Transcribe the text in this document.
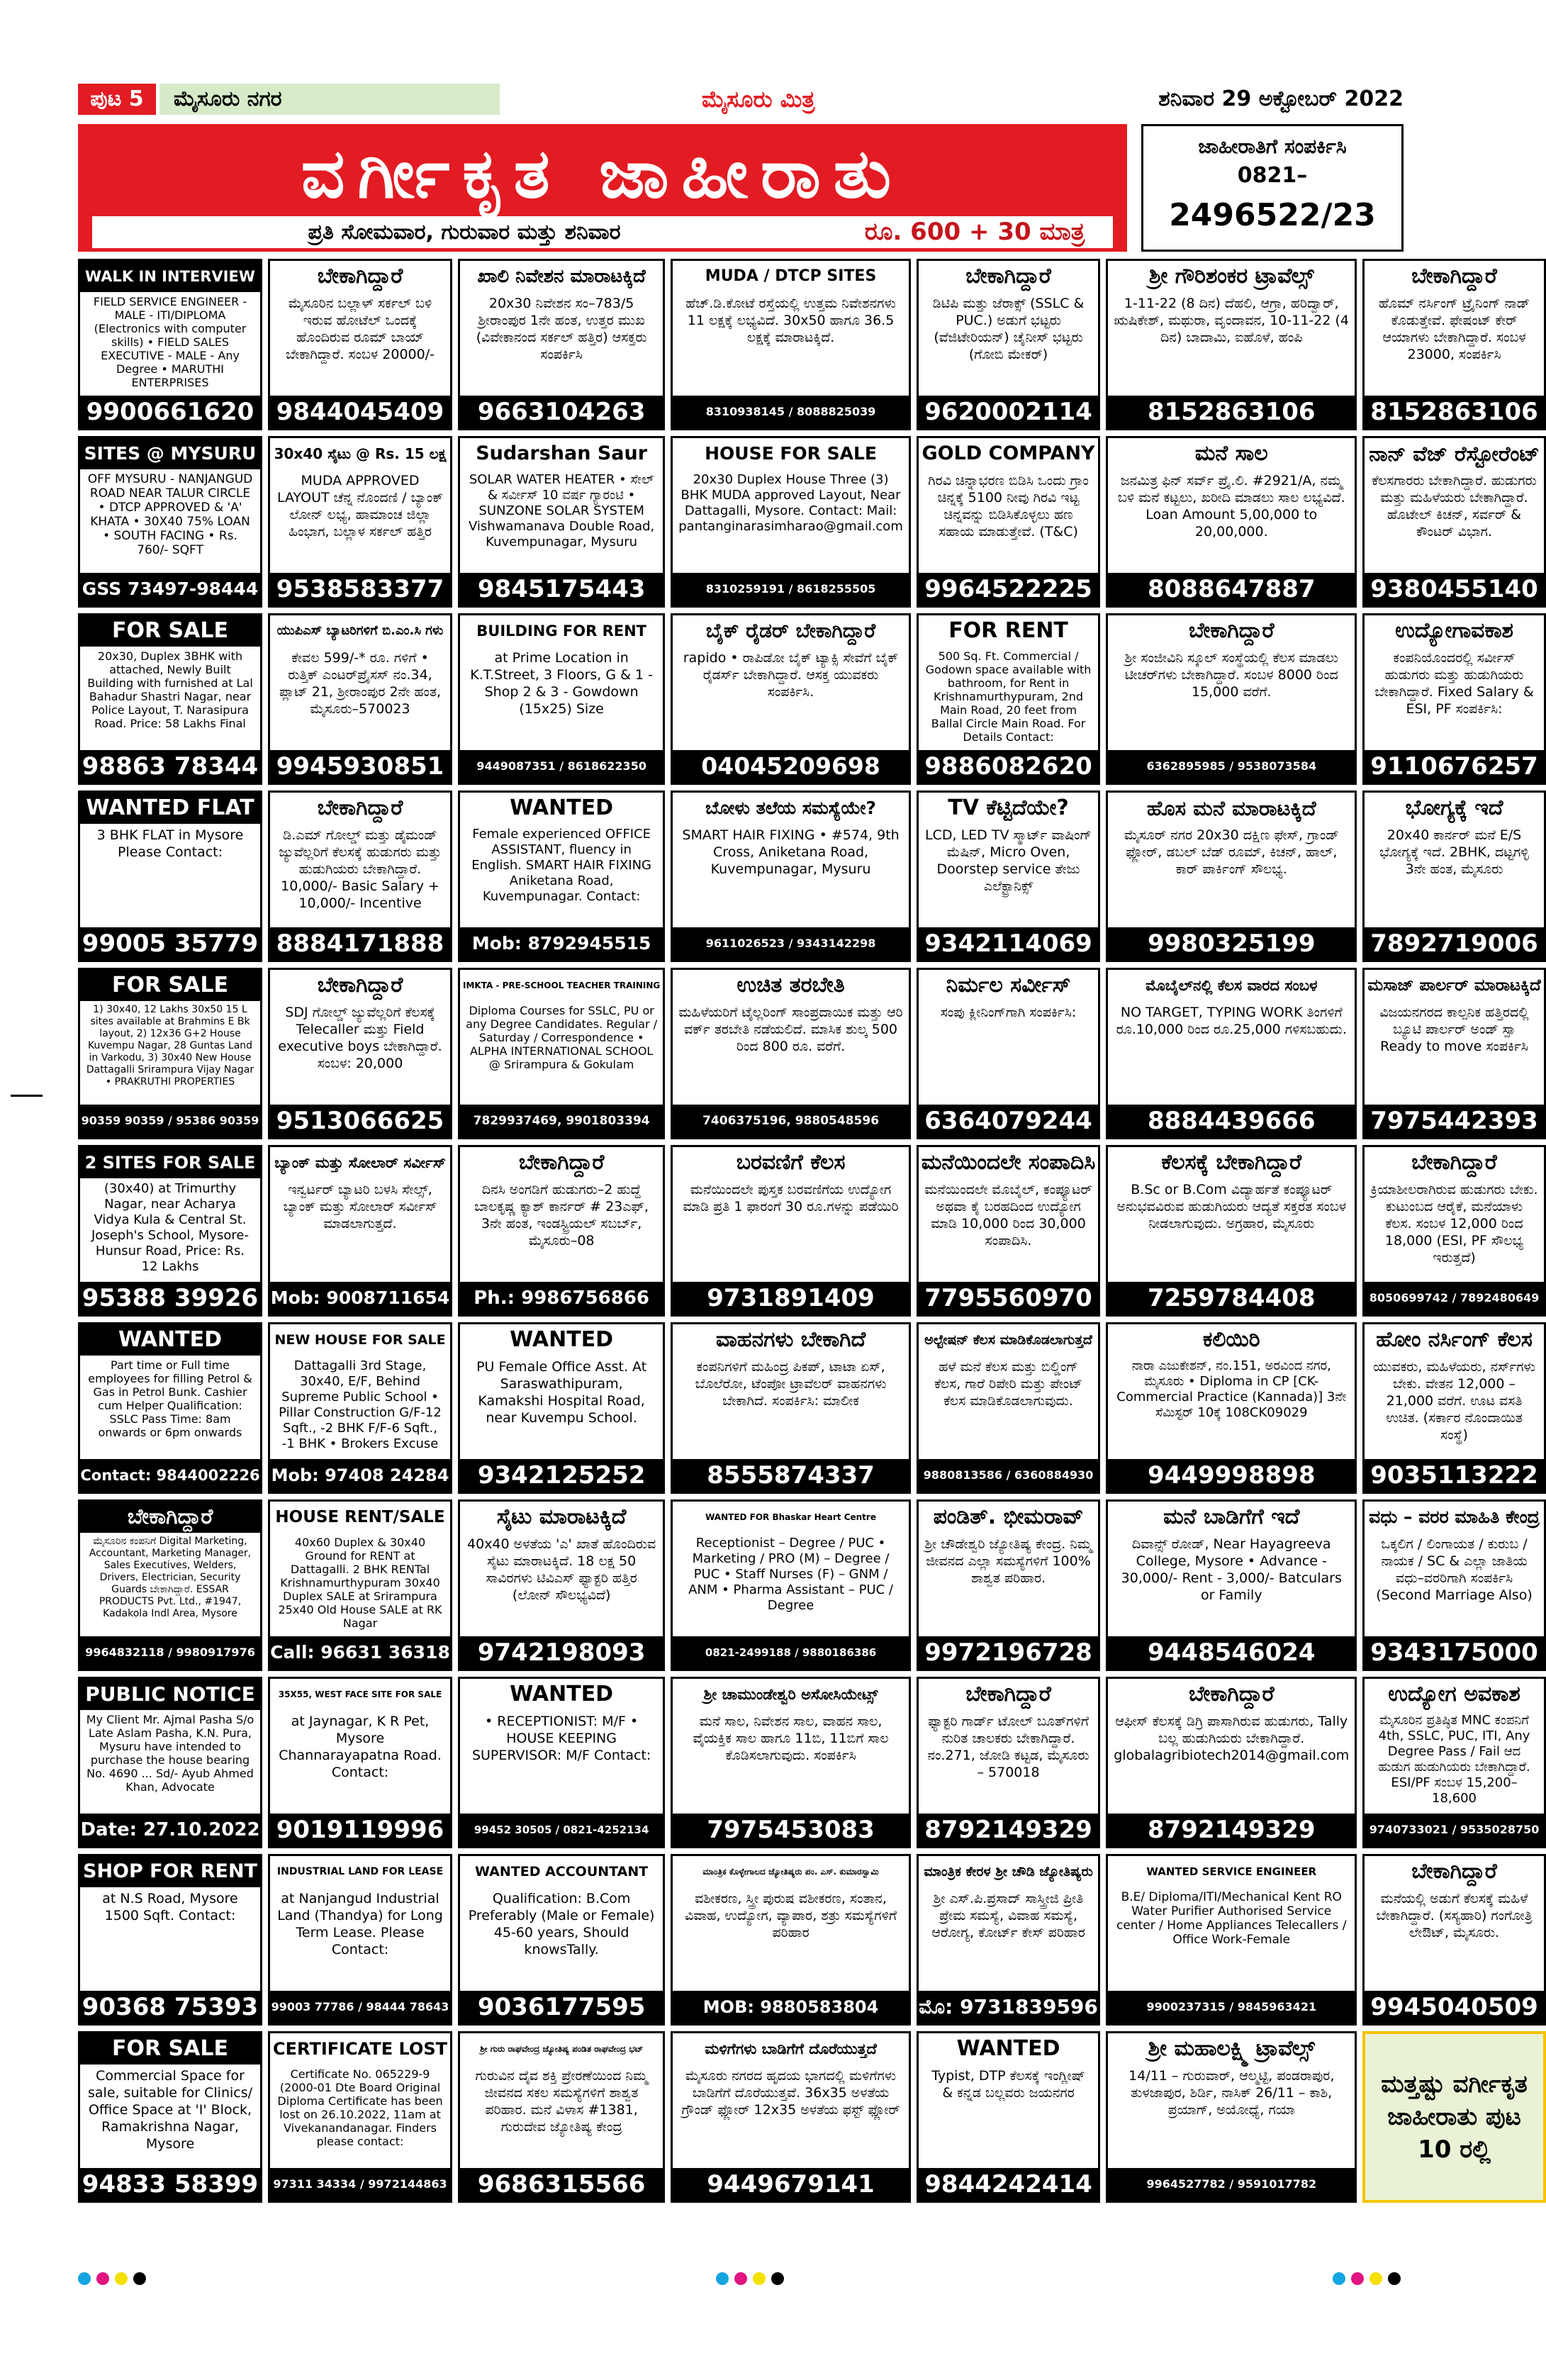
ಪುಟ 5	ಮೈಸೂರು ನಗರ	ಮೈಸೂರು ಮಿತ್ರ	ಶನಿವಾರ 29 ಅಕ್ಟೋಬರ್ 2022
ವರ್ಗೀಕೃತ ಜಾಹೀರಾತು
ಪ್ರತಿ ಸೋಮವಾರ, ಗುರುವಾರ ಮತ್ತು ಶನಿವಾರ	ರೂ. 600 + 30 ಮಾತ್ರ
ಜಾಹೀರಾತಿಗೆ ಸಂಪರ್ಕಿಸಿ
0821–
2496522/23
WALK IN INTERVIEW
FIELD SERVICE ENGINEER - MALE - ITI/DIPLOMA (Electronics with computer skills) • FIELD SALES EXECUTIVE - MALE - Any Degree • MARUTHI ENTERPRISES
9900661620
ಬೇಕಾಗಿದ್ದಾರೆ
ಮೈಸೂರಿನ ಬಲ್ಲಾಳ್ ಸರ್ಕಲ್ ಬಳಿ ಇರುವ ಹೋಟೆಲ್ ಒಂದಕ್ಕೆ ಹೊಂದಿರುವ ರೂಮ್ ಬಾಯ್ ಬೇಕಾಗಿದ್ದಾರೆ. ಸಂಬಳ 20000/-
9844045409
ಖಾಲಿ ನಿವೇಶನ ಮಾರಾಟಕ್ಕಿದೆ
20x30 ನಿವೇಶನ ಸಂ–783/5 ಶ್ರೀರಾಂಪುರ 1ನೇ ಹಂತ, ಉತ್ತರ ಮುಖ (ವಿವೇಕಾನಂದ ಸರ್ಕಲ್ ಹತ್ತಿರ) ಆಸಕ್ತರು ಸಂಪರ್ಕಿಸಿ
9663104263
MUDA / DTCP SITES
ಹೆಚ್.ಡಿ.ಕೋಟೆ ರಸ್ತೆಯಲ್ಲಿ ಉತ್ತಮ ನಿವೇಶನಗಳು 11 ಲಕ್ಷಕ್ಕೆ ಲಭ್ಯವಿದೆ. 30x50 ಹಾಗೂ 36.5 ಲಕ್ಷಕ್ಕೆ ಮಾರಾಟಕ್ಕಿದೆ.
8310938145 / 8088825039
ಬೇಕಾಗಿದ್ದಾರೆ
ಡಿಟಿಪಿ ಮತ್ತು ಜೆರಾಕ್ಸ್ (SSLC & PUC.) ಅಡುಗೆ ಭಟ್ಟರು (ವೆಜಿಟೇರಿಯನ್) ಚೈನೀಸ್ ಭಟ್ಟರು (ಗೋಬಿ ಮೇಕರ್)
9620002114
ಶ್ರೀ ಗೌರಿಶಂಕರ ಟ್ರಾವೆಲ್ಸ್
1-11-22 (8 ದಿನ) ದೆಹಲಿ, ಆಗ್ರಾ, ಹರಿದ್ವಾರ್, ಋಷಿಕೇಶ್, ಮಥುರಾ, ವೃಂದಾವನ, 10-11-22 (4 ದಿನ) ಬಾದಾಮಿ, ಐಹೊಳೆ, ಹಂಪಿ
8152863106
ಬೇಕಾಗಿದ್ದಾರೆ
ಹೊಮ್ ನರ್ಸಿಂಗ್ ಟ್ರೈನಿಂಗ್ ನಾಡ್ ಕೊಡುತ್ತೇವೆ. ಫೇಷಂಟ್ ಕೇರ್ ಆಯಾಗಳು ಬೇಕಾಗಿದ್ದಾರೆ. ಸಂಬಳ 23000, ಸಂಪರ್ಕಿಸಿ
8152863106
SITES @ MYSURU
OFF MYSURU - NANJANGUD ROAD NEAR TALUR CIRCLE • DTCP APPROVED & 'A' KHATA • 30X40 75% LOAN • SOUTH FACING • Rs. 760/- SQFT
GSS 73497-98444
30x40 ಸೈಟು @ Rs. 15 ಲಕ್ಷ
MUDA APPROVED LAYOUT ಚೆನ್ನ ನೊಂದಣಿ / ಬ್ಯಾಂಕ್ ಲೋನ್ ಲಭ್ಯ, ಹಾಮಾಂಚ ಜಿಲ್ಲಾ ಹಿಂಭಾಗ, ಬಲ್ಲಾಳ ಸರ್ಕಲ್ ಹತ್ತಿರ
9538583377
Sudarshan Saur
SOLAR WATER HEATER • ಸೇಲ್ & ಸರ್ವೀಸ್ 10 ವರ್ಷ ಗ್ಯಾರಂಟಿ • SUNZONE SOLAR SYSTEM Vishwamanava Double Road, Kuvempunagar, Mysuru
9845175443
HOUSE FOR SALE
20x30 Duplex House Three (3) BHK MUDA approved Layout, Near Dattagalli, Mysore. Contact: Mail: pantanginarasimharao@gmail.com
8310259191 / 8618255505
GOLD COMPANY
ಗಿರವಿ ಚಿನ್ನಾಭರಣ ಬಿಡಿಸಿ ಒಂದು ಗ್ರಾಂ ಚಿನ್ನಕ್ಕೆ 5100 ನೀವು ಗಿರವಿ ಇಟ್ಟ ಚಿನ್ನವನ್ನು ಬಿಡಿಸಿಕೊಳ್ಳಲು ಹಣ ಸಹಾಯ ಮಾಡುತ್ತೇವೆ. (T&C)
9964522225
ಮನೆ ಸಾಲ
ಜನಮಿತ್ರ ಫಿನ್ ಸರ್ವ್ ಪ್ರೈ.ಲಿ. #2921/A, ನಮ್ಮ ಬಳಿ ಮನೆ ಕಟ್ಟಲು, ಖರೀದಿ ಮಾಡಲು ಸಾಲ ಲಭ್ಯವಿದೆ. Loan Amount 5,00,000 to 20,00,000.
8088647887
ನಾನ್ ವೆಜ್ ರೆಸ್ಟೋರೆಂಟ್
ಕೆಲಸಗಾರರು ಬೇಕಾಗಿದ್ದಾರೆ. ಹುಡುಗರು ಮತ್ತು ಮಹಿಳೆಯರು ಬೇಕಾಗಿದ್ದಾರೆ. ಹೊಟೇಲ್ ಕಿಚನ್, ಸರ್ವರ್ & ಕೌಂಟರ್ ವಿಭಾಗ.
9380455140
FOR SALE
20x30, Duplex 3BHK with attached, Newly Built Building with furnished at Lal Bahadur Shastri Nagar, near Police Layout, T. Narasipura Road. Price: 58 Lakhs Final
98863 78344
ಯುಪಿಎಸ್ ಬ್ಯಾಟರಿಗಳಿಗೆ ಬಿ.ಎಂ.ಸಿ ಗಳು
ಕೇವಲ 599/-* ರೂ. ಗಳಿಗೆ • ರುತ್ತಿಕ್ ಎಂಟರ್‌ಪ್ರೈಸಸ್ ನಂ.34, ಪ್ಲಾಟ್ 21, ಶ್ರೀರಾಂಪುರ 2ನೇ ಹಂತ, ಮೈಸೂರು–570023
9945930851
BUILDING FOR RENT
at Prime Location in K.T.Street, 3 Floors, G & 1 - Shop 2 & 3 - Gowdown (15x25) Size
9449087351 / 8618622350
ಬೈಕ್ ರೈಡರ್ ಬೇಕಾಗಿದ್ದಾರೆ
rapido • ರಾಪಿಡೋ ಬೈಕ್ ಟ್ಯಾಕ್ಸಿ ಸೇವೆಗೆ ಬೈಕ್ ರೈಡರ್ಸ್ ಬೇಕಾಗಿದ್ದಾರೆ. ಆಸಕ್ತ ಯುವಕರು ಸಂಪರ್ಕಿಸಿ.
04045209698
FOR RENT
500 Sq. Ft. Commercial / Godown space available with bathroom, for Rent in Krishnamurthypuram, 2nd Main Road, 20 feet from Ballal Circle Main Road. For Details Contact:
9886082620
ಬೇಕಾಗಿದ್ದಾರೆ
ಶ್ರೀ ಸಂಜೀವಿನಿ ಸ್ಕೂಲ್ ಸಂಸ್ಥೆಯಲ್ಲಿ ಕೆಲಸ ಮಾಡಲು ಟೀಚರ್‌ಗಳು ಬೇಕಾಗಿದ್ದಾರೆ. ಸಂಬಳ 8000 ರಿಂದ 15,000 ವರೆಗೆ.
6362895985 / 9538073584
ಉದ್ಯೋಗಾವಕಾಶ
ಕಂಪನಿಯೊಂದರಲ್ಲಿ ಸರ್ವೀಸ್ ಹುಡುಗರು ಮತ್ತು ಹುಡುಗಿಯರು ಬೇಕಾಗಿದ್ದಾರೆ. Fixed Salary & ESI, PF ಸಂಪರ್ಕಿಸಿ:
9110676257
WANTED FLAT
3 BHK FLAT in Mysore Please Contact:
99005 35779
ಬೇಕಾಗಿದ್ದಾರೆ
ಡಿ.ಎಮ್ ಗೋಲ್ಡ್ ಮತ್ತು ಡೈಮಂಡ್ ಜ್ಯುವೆಲ್ಲರಿಗೆ ಕೆಲಸಕ್ಕೆ ಹುಡುಗರು ಮತ್ತು ಹುಡುಗಿಯರು ಬೇಕಾಗಿದ್ದಾರೆ. 10,000/- Basic Salary + 10,000/- Incentive
8884171888
WANTED
Female experienced OFFICE ASSISTANT, fluency in English. SMART HAIR FIXING Aniketana Road, Kuvempunagar. Contact:
Mob: 8792945515
ಬೋಳು ತಲೆಯ ಸಮಸ್ಯೆಯೇ?
SMART HAIR FIXING • #574, 9th Cross, Aniketana Road, Kuvempunagar, Mysuru
9611026523 / 9343142298
TV ಕೆಟ್ಟಿದೆಯೇ?
LCD, LED TV ಸ್ಮಾರ್ಟ್ ವಾಷಿಂಗ್ ಮೆಷಿನ್, Micro Oven, Doorstep service ತೇಜು ಎಲೆಕ್ಟ್ರಾನಿಕ್ಸ್
9342114069
ಹೊಸ ಮನೆ ಮಾರಾಟಕ್ಕಿದೆ
ಮೈಸೂರ್ ನಗರ 20x30 ದಕ್ಷಿಣ ಫೇಸ್, ಗ್ರಾಂಡ್ ಫ್ಲೋರ್, ಡಬಲ್ ಬೆಡ್ ರೂಮ್, ಕಿಚನ್, ಹಾಲ್, ಕಾರ್ ಪಾರ್ಕಿಂಗ್ ಸೌಲಭ್ಯ.
9980325199
ಭೋಗ್ಯಕ್ಕೆ ಇದೆ
20x40 ಕಾರ್ನರ್ ಮನೆ E/S ಭೋಗ್ಯಕ್ಕೆ ಇದೆ. 2BHK, ದಟ್ಟಗಳ್ಳಿ 3ನೇ ಹಂತ, ಮೈಸೂರು
7892719006
FOR SALE
1) 30x40, 12 Lakhs 30x50 15 L sites available at Brahmins E Bk layout, 2) 12x36 G+2 House Kuvempu Nagar, 28 Guntas Land in Varkodu, 3) 30x40 New House Dattagalli Srirampura Vijay Nagar • PRAKRUTHI PROPERTIES
90359 90359 / 95386 90359
ಬೇಕಾಗಿದ್ದಾರೆ
SDJ ಗೋಲ್ಡ್ ಜ್ಯುವೆಲ್ಲರಿಗೆ ಕೆಲಸಕ್ಕೆ Telecaller ಮತ್ತು Field executive boys ಬೇಕಾಗಿದ್ದಾರೆ. ಸಂಬಳ: 20,000
9513066625
IMKTA - PRE-SCHOOL TEACHER TRAINING
Diploma Courses for SSLC, PU or any Degree Candidates. Regular / Saturday / Correspondence • ALPHA INTERNATIONAL SCHOOL @ Srirampura & Gokulam
7829937469, 9901803394
ಉಚಿತ ತರಬೇತಿ
ಮಹಿಳೆಯರಿಗೆ ಟೈಲ್ಲರಿಂಗ್ ಸಾಂಪ್ರದಾಯಿಕ ಮತ್ತು ಆರಿ ವರ್ಕ್ ತರಬೇತಿ ನಡೆಯಲಿದೆ. ಮಾಸಿಕ ಶುಲ್ಕ 500 ರಿಂದ 800 ರೂ. ವರೆಗೆ.
7406375196, 9880548596
ನಿರ್ಮಲ ಸರ್ವೀಸ್
ಸಂಪು ಕ್ಲೀನಿಂಗ್‌ಗಾಗಿ ಸಂಪರ್ಕಿಸಿ:
6364079244
ಮೊಬೈಲ್‌ನಲ್ಲಿ ಕೆಲಸ ವಾರದ ಸಂಬಳ
NO TARGET, TYPING WORK ತಿಂಗಳಿಗೆ ರೂ.10,000 ರಿಂದ ರೂ.25,000 ಗಳಿಸಬಹುದು.
8884439666
ಮಸಾಜ್ ಪಾರ್ಲರ್ ಮಾರಾಟಕ್ಕಿದೆ
ವಿಜಯನಗರದ ಕಾಲ್ಪನಿಕ ಹತ್ತಿರದಲ್ಲಿ ಬ್ಯೂಟಿ ಪಾರ್ಲರ್ ಅಂಡ್ ಸ್ಪಾ Ready to move ಸಂಪರ್ಕಿಸಿ
7975442393
2 SITES FOR SALE
(30x40) at Trimurthy Nagar, near Acharya Vidya Kula & Central St. Joseph's School, Mysore-Hunsur Road, Price: Rs. 12 Lakhs
95388 39926
ಬ್ಯಾಂಕ್ ಮತ್ತು ಸೋಲಾರ್ ಸರ್ವೀಸ್
ಇನ್ವರ್ಟರ್ ಬ್ಯಾಟರಿ ಬಳಸಿ ಸೇಲ್ಸ್, ಬ್ಯಾಂಕ್ ಮತ್ತು ಸೋಲಾರ್ ಸರ್ವೀಸ್ ಮಾಡಲಾಗುತ್ತದೆ.
Mob: 9008711654
ಬೇಕಾಗಿದ್ದಾರೆ
ದಿನಸಿ ಅಂಗಡಿಗೆ ಹುಡುಗರು–2 ಹುದ್ದೆ ಬಾಲಕೃಷ್ಣ ಕ್ಯಾಶ್ ಕಾರ್ನರ್ # 23ಎಫ್, 3ನೇ ಹಂತ, ಇಂಡಸ್ಟ್ರಿಯಲ್ ಸಬರ್ಬ್, ಮೈಸೂರು–08
Ph.: 9986756866
ಬರವಣಿಗೆ ಕೆಲಸ
ಮನೆಯಿಂದಲೇ ಪುಸ್ತಕ ಬರವಣಿಗೆಯ ಉದ್ಯೋಗ ಮಾಡಿ ಪ್ರತಿ 1 ಫಾರಂಗೆ 30 ರೂ.ಗಳನ್ನು ಪಡೆಯಿರಿ
9731891409
ಮನೆಯಿಂದಲೇ ಸಂಪಾದಿಸಿ
ಮನೆಯಿಂದಲೇ ಮೊಬೈಲ್, ಕಂಪ್ಯೂಟರ್ ಅಥವಾ ಕೈ ಬರಹದಿಂದ ಉದ್ಯೋಗ ಮಾಡಿ 10,000 ರಿಂದ 30,000 ಸಂಪಾದಿಸಿ.
7795560970
ಕೆಲಸಕ್ಕೆ ಬೇಕಾಗಿದ್ದಾರೆ
B.Sc or B.Com ವಿದ್ಯಾರ್ಹತೆ ಕಂಪ್ಯೂಟರ್ ಅನುಭವವಿರುವ ಹುಡುಗಿಯರು ಆದ್ಯತೆ ಸಕ್ತರತ ಸಂಬಳ ನೀಡಲಾಗುವುದು. ಅಗ್ರಹಾರ, ಮೈಸೂರು
7259784408
ಬೇಕಾಗಿದ್ದಾರೆ
ಕ್ರಿಯಾಶೀಲರಾಗಿರುವ ಹುಡುಗರು ಬೇಕು. ಕುಟುಂಬದ ಆರೈಕೆ, ಮನೆಯಾಳು ಕೆಲಸ. ಸಂಬಳ 12,000 ರಿಂದ 18,000 (ESI, PF ಸೌಲಭ್ಯ ಇರುತ್ತದೆ)
8050699742 / 7892480649
WANTED
Part time or Full time employees for filling Petrol & Gas in Petrol Bunk. Cashier cum Helper Qualification: SSLC Pass Time: 8am onwards or 6pm onwards
Contact: 9844002226
NEW HOUSE FOR SALE
Dattagalli 3rd Stage, 30x40, E/F, Behind Supreme Public School • Pillar Construction G/F-12 Sqft., -2 BHK F/F-6 Sqft., -1 BHK • Brokers Excuse
Mob: 97408 24284
WANTED
PU Female Office Asst. At Saraswathipuram, Kamakshi Hospital Road, near Kuvempu School.
9342125252
ವಾಹನಗಳು ಬೇಕಾಗಿದೆ
ಕಂಪನಿಗಳಿಗೆ ಮಹಿಂದ್ರ ಪಿಕಪ್, ಟಾಟಾ ಏಸ್, ಬೊಲೆರೋ, ಟೆಂಪೋ ಟ್ರಾವೆಲರ್ ವಾಹನಗಳು ಬೇಕಾಗಿದೆ. ಸಂಪರ್ಕಿಸಿ: ಮಾಲೀಕ
8555874337
ಅಲ್ಟೇಷನ್ ಕೆಲಸ ಮಾಡಿಕೊಡಲಾಗುತ್ತದೆ
ಹಳೆ ಮನೆ ಕೆಲಸ ಮತ್ತು ಬಿಲ್ಡಿಂಗ್ ಕೆಲಸ, ಗಾರೆ ರಿಪೇರಿ ಮತ್ತು ಪೇಂಟ್ ಕೆಲಸ ಮಾಡಿಕೊಡಲಾಗುವುದು.
9880813586 / 6360884930
ಕಲಿಯಿರಿ
ನಾರಾ ಎಜುಕೇಶನ್, ನಂ.151, ಅರವಿಂದ ನಗರ, ಮೈಸೂರು • Diploma in CP [CK- Commercial Practice (Kannada)] 3ನೇ ಸೆಮಿಸ್ಟರ್ 10ಕ್ಕೆ 108CK09029
9449998898
ಹೋಂ ನರ್ಸಿಂಗ್ ಕೆಲಸ
ಯುವಕರು, ಮಹಿಳೆಯರು, ನರ್ಸ್‌ಗಳು ಬೇಕು. ವೇತನ 12,000 – 21,000 ವರೆಗೆ. ಊಟ ವಸತಿ ಉಚಿತ. (ಸರ್ಕಾರ ನೊಂದಾಯಿತ ಸಂಸ್ಥೆ)
9035113222
ಬೇಕಾಗಿದ್ದಾರೆ
ಮೈಸೂರಿನ ಕಂಪನಿಗೆ Digital Marketing, Accountant, Marketing Manager, Sales Executives, Welders, Drivers, Electrician, Security Guards ಬೇಕಾಗಿದ್ದಾರೆ. ESSAR PRODUCTS Pvt. Ltd., #1947, Kadakola Indl Area, Mysore
9964832118 / 9980917976
HOUSE RENT/SALE
40x60 Duplex & 30x40 Ground for RENT at Dattagalli. 2 BHK RENTal Krishnamurthypuram 30x40 Duplex SALE at Srirampura 25x40 Old House SALE at RK Nagar
Call: 96631 36318
ಸೈಟು ಮಾರಾಟಕ್ಕಿದೆ
40x40 ಅಳತೆಯ 'ಎ' ಖಾತೆ ಹೊಂದಿರುವ ಸೈಟು ಮಾರಾಟಕ್ಕಿದೆ. 18 ಲಕ್ಷ 50 ಸಾವಿರಗಳು ಟಿವಿಎಸ್ ಫ್ಯಾಕ್ಟರಿ ಹತ್ತಿರ (ಲೋನ್ ಸೌಲಭ್ಯವಿದೆ)
9742198093
WANTED FOR Bhaskar Heart Centre
Receptionist – Degree / PUC • Marketing / PRO (M) – Degree / PUC • Staff Nurses (F) – GNM / ANM • Pharma Assistant – PUC / Degree
0821-2499188 / 9880186386
ಪಂಡಿತ್. ಭೀಮರಾವ್
ಶ್ರೀ ಚೌಡೇಶ್ವರಿ ಜ್ಯೋತಿಷ್ಯ ಕೇಂದ್ರ. ನಿಮ್ಮ ಜೀವನದ ಎಲ್ಲಾ ಸಮಸ್ಯೆಗಳಿಗೆ 100% ಶಾಶ್ವತ ಪರಿಹಾರ.
9972196728
ಮನೆ ಬಾಡಿಗೆಗೆ ಇದೆ
ದಿವಾನ್ಸ್ ರೋಡ್, Near Hayagreeva College, Mysore • Advance - 30,000/- Rent - 3,000/- Batculars or Family
9448546024
ವಧು – ವರರ ಮಾಹಿತಿ ಕೇಂದ್ರ
ಒಕ್ಕಲಿಗ / ಲಿಂಗಾಯತ / ಕುರುಬ / ನಾಯಕ / SC & ಎಲ್ಲಾ ಜಾತಿಯ ವಧು–ವರರಿಗಾಗಿ ಸಂಪರ್ಕಿಸಿ (Second Marriage Also)
9343175000
PUBLIC NOTICE
My Client Mr. Ajmal Pasha S/o Late Aslam Pasha, K.N. Pura, Mysuru have intended to purchase the house bearing No. 4690 ... Sd/- Ayub Ahmed Khan, Advocate
Date: 27.10.2022
35X55, WEST FACE SITE FOR SALE
at Jaynagar, K R Pet, Mysore Channarayapatna Road. Contact:
9019119996
WANTED
• RECEPTIONIST: M/F • HOUSE KEEPING SUPERVISOR: M/F Contact:
99452 30505 / 0821-4252134
ಶ್ರೀ ಚಾಮುಂಡೇಶ್ವರಿ ಅಸೋಸಿಯೇಟ್ಸ್
ಮನೆ ಸಾಲ, ನಿವೇಶನ ಸಾಲ, ವಾಹನ ಸಾಲ, ವೈಯಕ್ತಿಕ ಸಾಲ ಹಾಗೂ 11ಬಿ, 11ಬಿಗೆ ಸಾಲ ಕೊಡಿಸಲಾಗುವುದು. ಸಂಪರ್ಕಿಸಿ
7975453083
ಬೇಕಾಗಿದ್ದಾರೆ
ಫ್ಯಾಕ್ಟರಿ ಗಾರ್ಡ್ ಟೋಲ್ ಬೂತ್‌ಗಳಿಗೆ ನುರಿತ ಚಾಲಕರು ಬೇಕಾಗಿದ್ದಾರೆ. ನಂ.271, ಜೋಡಿ ಕಟ್ಟಡ, ಮೈಸೂರು – 570018
8792149329
ಬೇಕಾಗಿದ್ದಾರೆ
ಆಫೀಸ್ ಕೆಲಸಕ್ಕೆ ಡಿಗ್ರಿ ಪಾಸಾಗಿರುವ ಹುಡುಗರು, Tally ಬಲ್ಲ ಹುಡುಗಿಯರು ಬೇಕಾಗಿದ್ದಾರೆ. globalagribiotech2014@gmail.com
8792149329
ಉದ್ಯೋಗ ಅವಕಾಶ
ಮೈಸೂರಿನ ಪ್ರತಿಷ್ಠಿತ MNC ಕಂಪನಿಗೆ 4th, SSLC, PUC, ITI, Any Degree Pass / Fail ಆದ ಹುಡುಗ ಹುಡುಗಿಯರು ಬೇಕಾಗಿದ್ದಾರೆ. ESI/PF ಸಂಬಳ 15,200–18,600
9740733021 / 9535028750
SHOP FOR RENT
at N.S Road, Mysore 1500 Sqft. Contact:
90368 75393
INDUSTRIAL LAND FOR LEASE
at Nanjangud Industrial Land (Thandya) for Long Term Lease. Please Contact:
99003 77786 / 98444 78643
WANTED ACCOUNTANT
Qualification: B.Com Preferably (Male or Female) 45-60 years, Should knowsTally.
9036177595
ಮಾಂತ್ರಿಕ ಕೊಳ್ಳೇಗಾಲದ ಜ್ಯೋತಿಷ್ಯರು ಪಂ. ಎಸ್. ಕುಮಾರಸ್ವಾಮಿ
ವಶೀಕರಣ, ಸ್ತ್ರೀ ಪುರುಷ ವಶೀಕರಣ, ಸಂತಾನ, ವಿವಾಹ, ಉದ್ಯೋಗ, ವ್ಯಾಪಾರ, ಶತ್ರು ಸಮಸ್ಯೆಗಳಿಗೆ ಪರಿಹಾರ
MOB: 9880583804
ಮಾಂತ್ರಿಕ ಕೇರಳ ಶ್ರೀ ಚೌಡಿ ಜ್ಯೋತಿಷ್ಯರು
ಶ್ರೀ ಎಸ್.ಪಿ.ಪ್ರಸಾದ್ ಸಾಸ್ತ್ರೀಜಿ ಪ್ರೀತಿ ಪ್ರೇಮ ಸಮಸ್ಯೆ, ವಿವಾಹ ಸಮಸ್ಯೆ, ಆರೋಗ್ಯ, ಕೋರ್ಟ್ ಕೇಸ್ ಪರಿಹಾರ
ಮೊ: 9731839596
WANTED SERVICE ENGINEER
B.E/ Diploma/ITI/Mechanical Kent RO Water Purifier Authorised Service center / Home Appliances Telecallers / Office Work-Female
9900237315 / 9845963421
ಬೇಕಾಗಿದ್ದಾರೆ
ಮನೆಯಲ್ಲಿ ಅಡುಗೆ ಕೆಲಸಕ್ಕೆ ಮಹಿಳೆ ಬೇಕಾಗಿದ್ದಾರೆ. (ಸಸ್ಯಹಾರಿ) ಗಂಗೋತ್ರಿ ಲೇಔಟ್, ಮೈಸೂರು.
9945040509
FOR SALE
Commercial Space for sale, suitable for Clinics/ Office Space at 'I' Block, Ramakrishna Nagar, Mysore
94833 58399
CERTIFICATE LOST
Certificate No. 065229-9 (2000-01 Dte Board Original Diploma Certificate has been lost on 26.10.2022, 11am at Vivekanandanagar. Finders please contact:
97311 34334 / 9972144863
ಶ್ರೀ ಗುರು ರಾಘವೇಂದ್ರ ಜ್ಯೋತಿಷ್ಯ ಪಂಡಿತ ರಾಘವೇಂದ್ರ ಭಟ್
ಗುರುವಿನ ದೈವ ಶಕ್ತಿ ಪ್ರೇರಣೆಯಿಂದ ನಿಮ್ಮ ಜೀವನದ ಸಕಲ ಸಮಸ್ಯೆಗಳಿಗೆ ಶಾಶ್ವತ ಪರಿಹಾರ. ಮನೆ ವಿಳಾಸ #1381, ಗುರುದೇವ ಜ್ಯೋತಿಷ್ಯ ಕೇಂದ್ರ
9686315566
ಮಳಿಗೆಗಳು ಬಾಡಿಗೆಗೆ ದೊರೆಯುತ್ತದೆ
ಮೈಸೂರು ನಗರದ ಹೃದಯ ಭಾಗದಲ್ಲಿ ಮಳಿಗೆಗಳು ಬಾಡಿಗೆಗೆ ದೊರೆಯುತ್ತವೆ. 36x35 ಅಳತೆಯ ಗ್ರೌಂಡ್ ಫ್ಲೋರ್ 12x35 ಅಳತೆಯ ಫಸ್ಟ್ ಫ್ಲೋರ್
9449679141
WANTED
Typist, DTP ಕೆಲಸಕ್ಕೆ ಇಂಗ್ಲೀಷ್ & ಕನ್ನಡ ಬಲ್ಲವರು ಜಯನಗರ
9844242414
ಶ್ರೀ ಮಹಾಲಕ್ಷ್ಮಿ ಟ್ರಾವೆಲ್ಸ್
14/11 – ಗುರುವಾರ್, ಆಲ್ಮಟ್ಟಿ, ಪಂಡರಾಪುರ, ತುಳಜಾಪುರ, ಶಿರ್ಡಿ, ನಾಸಿಕ್ 26/11 – ಕಾಶಿ, ಪ್ರಯಾಗ್, ಅಯೋಧ್ಯೆ, ಗಯಾ
9964527782 / 9591017782
ಮತ್ತಷ್ಟು ವರ್ಗೀಕೃತ ಜಾಹೀರಾತು ಪುಟ 10 ರಲ್ಲಿ
